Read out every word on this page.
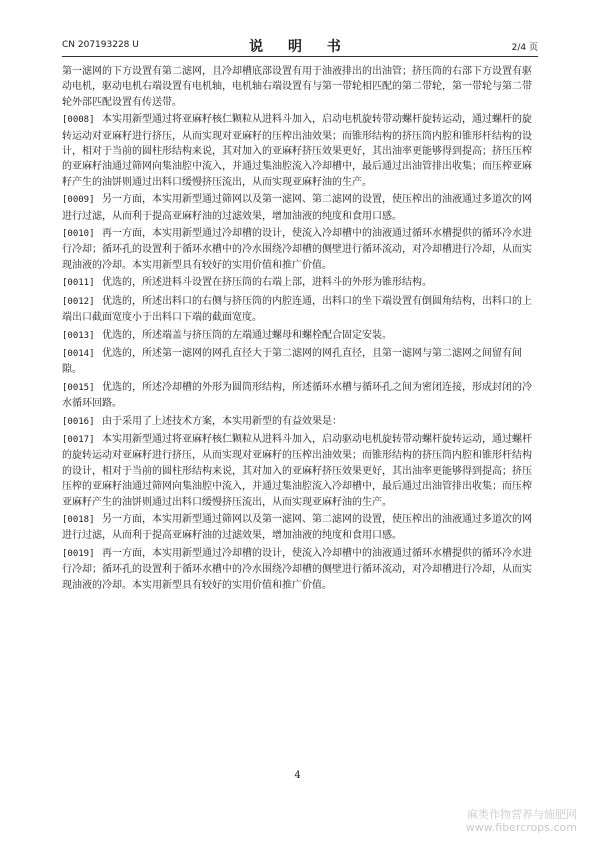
CN 207193228 U	说 明 书	2/4 页
第一滤网的下方设置有第二滤网，且冷却槽底部设置有用于油液排出的出油管；挤压筒的右部下方设置有驱动电机，驱动电机右端设置有电机轴，电机轴右端设置有与第一带轮相匹配的第二带轮，第一带轮与第二带轮外部匹配设置有传送带。
[0008] 本实用新型通过将亚麻籽核仁颗粒从进料斗加入，启动电机旋转带动螺杆旋转运动，通过螺杆的旋转运动对亚麻籽进行挤压，从而实现对亚麻籽的压榨出油效果；而锥形结构的挤压筒内腔和锥形杆结构的设计，相对于当前的圆柱形结构来说，其对加入的亚麻籽挤压效果更好，其出油率更能够得到提高；挤压压榨的亚麻籽油通过筛网向集油腔中流入，并通过集油腔流入冷却槽中，最后通过出油管排出收集；而压榨亚麻籽产生的油饼则通过出料口缓慢挤压流出，从而实现亚麻籽油的生产。
[0009] 另一方面，本实用新型通过筛网以及第一滤网、第二滤网的设置，使压榨出的油液通过多道次的网进行过滤，从而利于提高亚麻籽油的过滤效果，增加油液的纯度和食用口感。
[0010] 再一方面，本实用新型通过冷却槽的设计，使流入冷却槽中的油液通过循环水槽提供的循环冷水进行冷却；循环孔的设置利于循环水槽中的冷水围绕冷却槽的侧壁进行循环流动，对冷却槽进行冷却，从而实现油液的冷却。本实用新型具有较好的实用价值和推广价值。
[0011] 优选的，所述进料斗设置在挤压筒的右端上部，进料斗的外形为锥形结构。
[0012] 优选的，所述出料口的右侧与挤压筒的内腔连通，出料口的坐下端设置有倒圆角结构，出料口的上端出口截面宽度小于出料口下端的截面宽度。
[0013] 优选的，所述端盖与挤压筒的左端通过螺母和螺栓配合固定安装。
[0014] 优选的，所述第一滤网的网孔直径大于第二滤网的网孔直径，且第一滤网与第二滤网之间留有间隙。
[0015] 优选的，所述冷却槽的外形为圆筒形结构，所述循环水槽与循环孔之间为密闭连接，形成封闭的冷水循环回路。
[0016] 由于采用了上述技术方案，本实用新型的有益效果是：
[0017] 本实用新型通过将亚麻籽核仁颗粒从进料斗加入，启动驱动电机旋转带动螺杆旋转运动，通过螺杆的旋转运动对亚麻籽进行挤压，从而实现对亚麻籽的压榨出油效果；而锥形结构的挤压筒内腔和锥形杆结构的设计，相对于当前的圆柱形结构来说，其对加入的亚麻籽挤压效果更好，其出油率更能够得到提高；挤压压榨的亚麻籽油通过筛网向集油腔中流入，并通过集油腔流入冷却槽中，最后通过出油管排出收集；而压榨亚麻籽产生的油饼则通过出料口缓慢挤压流出，从而实现亚麻籽油的生产。
[0018] 另一方面，本实用新型通过筛网以及第一滤网、第二滤网的设置，使压榨出的油液通过多道次的网进行过滤，从而利于提高亚麻籽油的过滤效果，增加油液的纯度和食用口感。
[0019] 再一方面，本实用新型通过冷却槽的设计，使流入冷却槽中的油液通过循环水槽提供的循环冷水进行冷却；循环孔的设置利于循环水槽中的冷水围绕冷却槽的侧壁进行循环流动，对冷却槽进行冷却，从而实现油液的冷却。本实用新型具有较好的实用价值和推广价值。
4
麻类作物营养与施肥网
www.fibercrops.com
